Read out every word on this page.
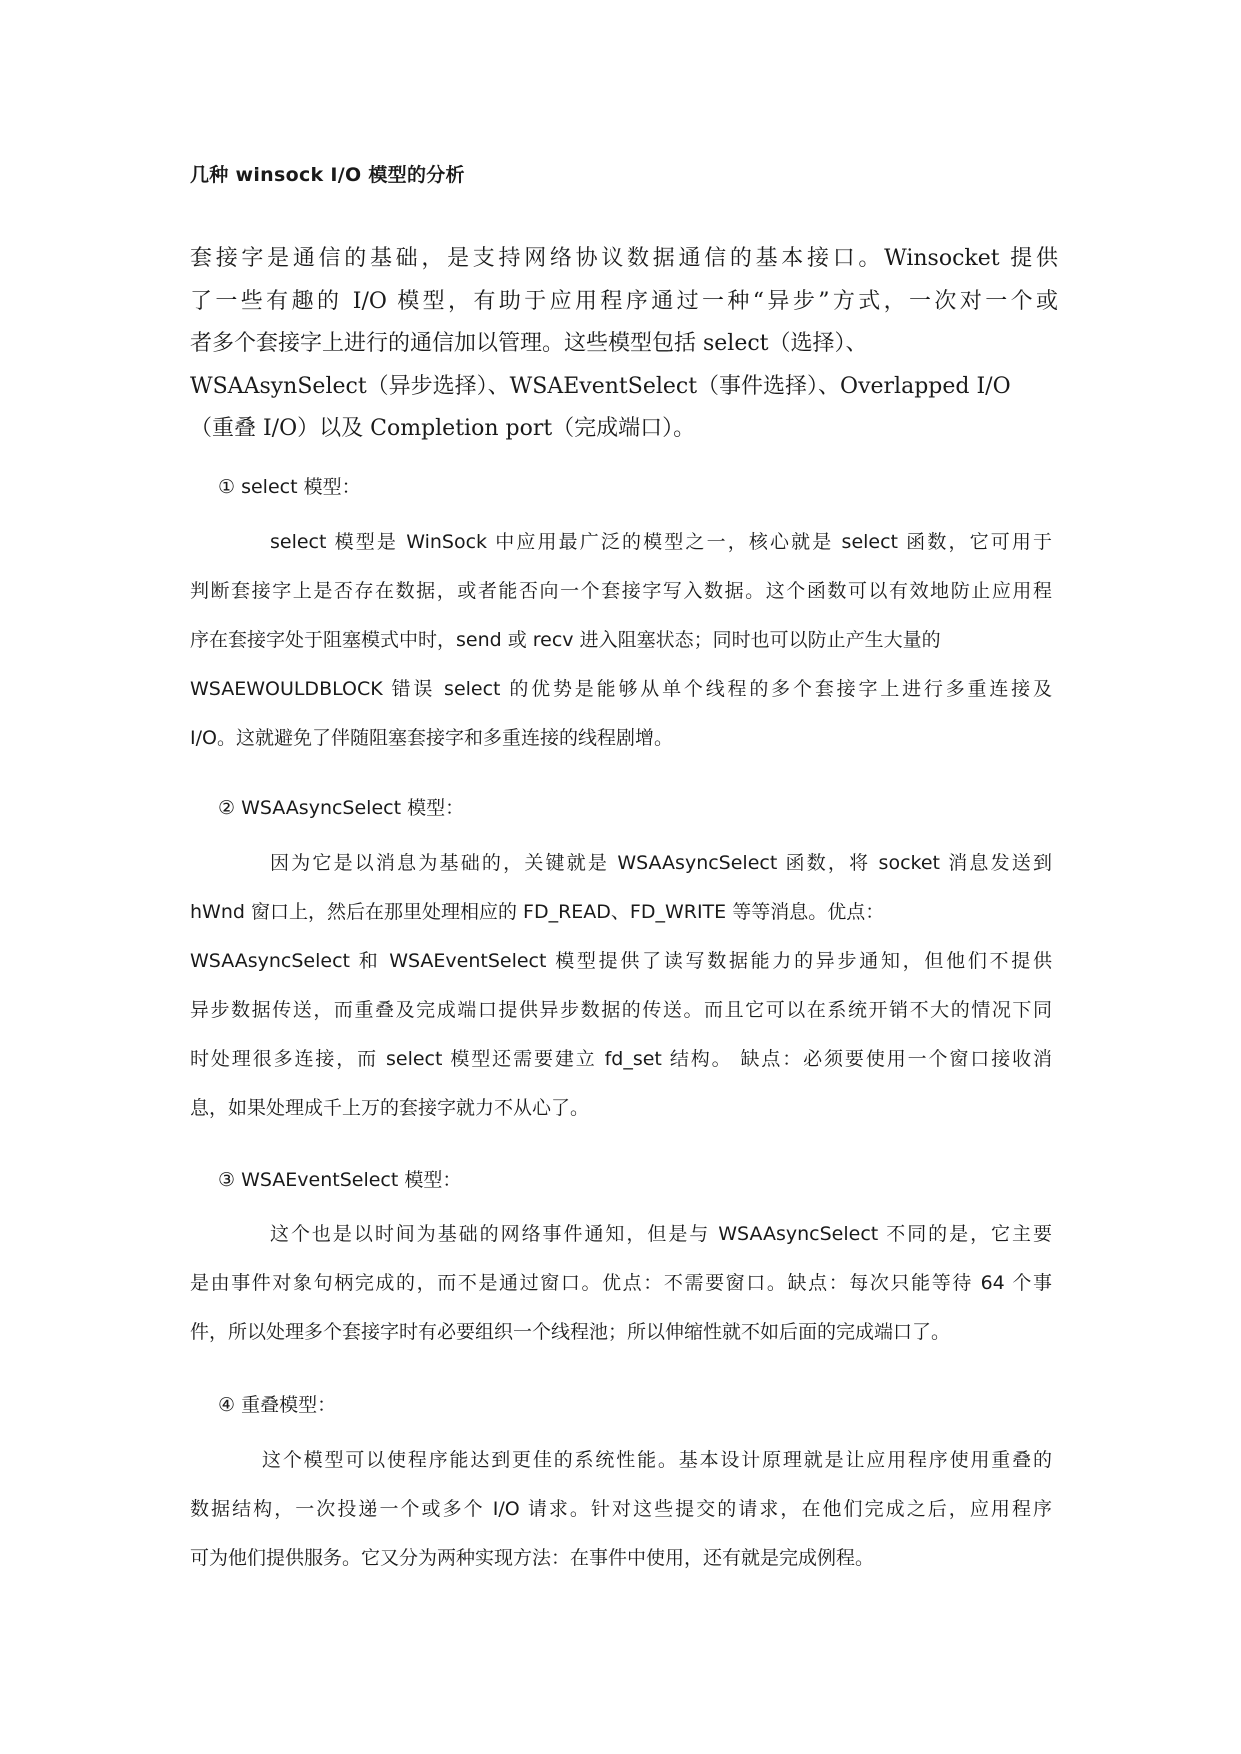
几种 winsock I/O 模型的分析

套接字是通信的基础，是支持网络协议数据通信的基本接口。Winsocket 提供
了一些有趣的 I/O 模型，有助于应用程序通过一种“异步”方式，一次对一个或
者多个套接字上进行的通信加以管理。这些模型包括 select（选择）、
WSAAsynSelect（异步选择）、WSAEventSelect（事件选择）、Overlapped I/O
（重叠 I/O）以及 Completion port（完成端口）。

① select 模型：
select 模型是 WinSock 中应用最广泛的模型之一，核心就是 select 函数，它可用于
判断套接字上是否存在数据，或者能否向一个套接字写入数据。这个函数可以有效地防止应用程
序在套接字处于阻塞模式中时，send 或 recv 进入阻塞状态；同时也可以防止产生大量的
WSAEWOULDBLOCK 错误 select 的优势是能够从单个线程的多个套接字上进行多重连接及
I/O。这就避免了伴随阻塞套接字和多重连接的线程剧增。
② WSAAsyncSelect 模型：
因为它是以消息为基础的，关键就是 WSAAsyncSelect 函数，将 socket 消息发送到
hWnd 窗口上，然后在那里处理相应的 FD_READ、FD_WRITE 等等消息。优点：
WSAAsyncSelect 和 WSAEventSelect 模型提供了读写数据能力的异步通知，但他们不提供
异步数据传送，而重叠及完成端口提供异步数据的传送。而且它可以在系统开销不大的情况下同
时处理很多连接，而 select 模型还需要建立 fd_set 结构。 缺点：必须要使用一个窗口接收消
息，如果处理成千上万的套接字就力不从心了。
③ WSAEventSelect 模型：
这个也是以时间为基础的网络事件通知，但是与 WSAAsyncSelect 不同的是，它主要
是由事件对象句柄完成的，而不是通过窗口。优点：不需要窗口。缺点：每次只能等待 64 个事
件，所以处理多个套接字时有必要组织一个线程池；所以伸缩性就不如后面的完成端口了。
④ 重叠模型：
这个模型可以使程序能达到更佳的系统性能。基本设计原理就是让应用程序使用重叠的
数据结构，一次投递一个或多个 I/O 请求。针对这些提交的请求，在他们完成之后，应用程序
可为他们提供服务。它又分为两种实现方法：在事件中使用，还有就是完成例程。
